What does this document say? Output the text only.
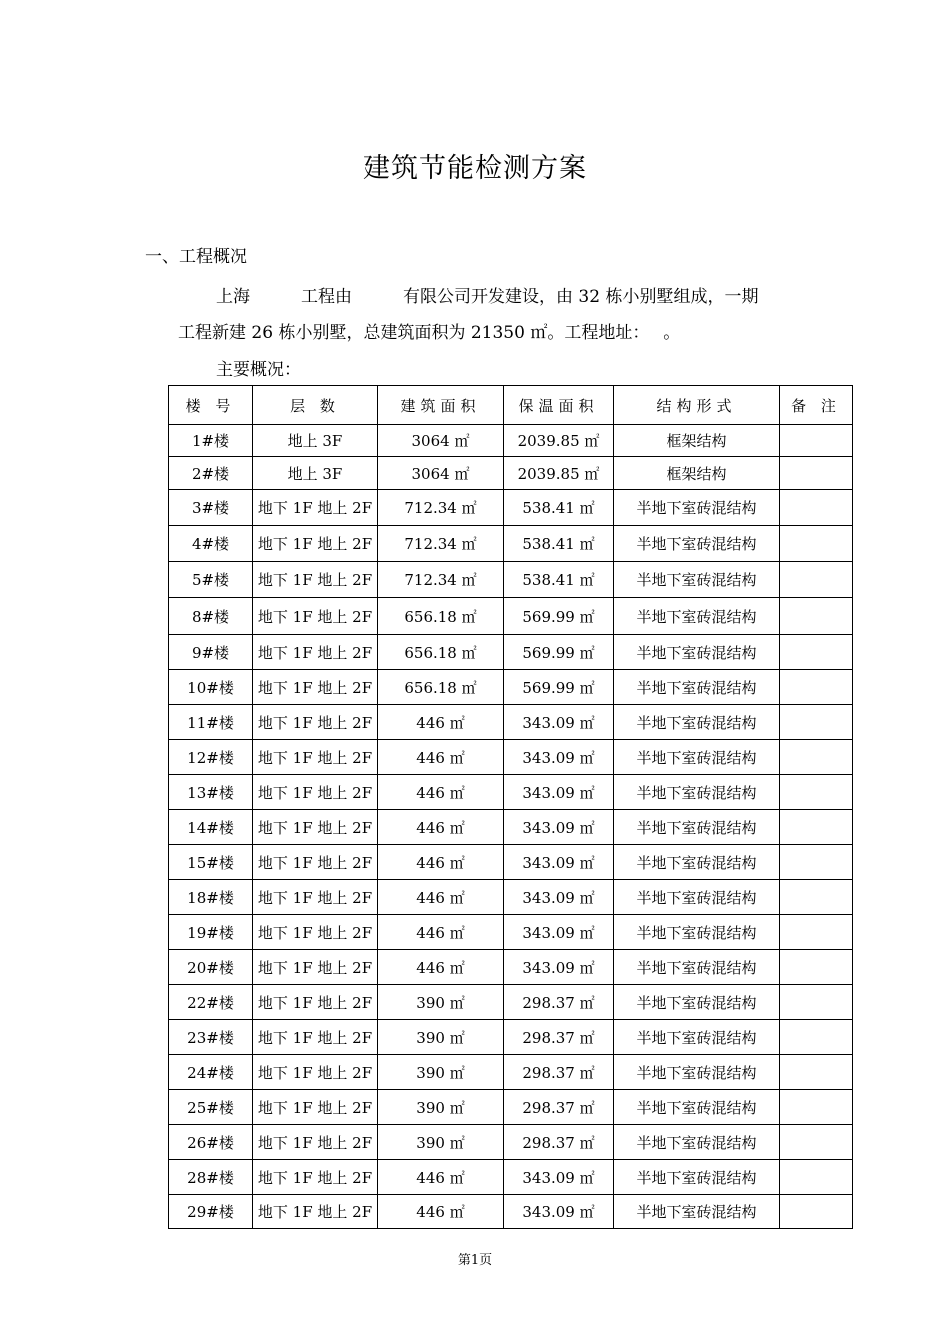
建筑节能检测方案
一、工程概况
上海　　　工程由　　　有限公司开发建设，由 32 栋小别墅组成，一期
工程新建 26 栋小别墅，总建筑面积为 21350 ㎡。工程地址：　 。
主要概况：
楼 号	层 数	建筑面积	保温面积	结构形式	备 注
1#楼	地上 3F	3064 ㎡	2039.85 ㎡	框架结构	
2#楼	地上 3F	3064 ㎡	2039.85 ㎡	框架结构	
3#楼	地下 1F 地上 2F	712.34 ㎡	538.41 ㎡	半地下室砖混结构	
4#楼	地下 1F 地上 2F	712.34 ㎡	538.41 ㎡	半地下室砖混结构	
5#楼	地下 1F 地上 2F	712.34 ㎡	538.41 ㎡	半地下室砖混结构	
8#楼	地下 1F 地上 2F	656.18 ㎡	569.99 ㎡	半地下室砖混结构	
9#楼	地下 1F 地上 2F	656.18 ㎡	569.99 ㎡	半地下室砖混结构	
10#楼	地下 1F 地上 2F	656.18 ㎡	569.99 ㎡	半地下室砖混结构	
11#楼	地下 1F 地上 2F	446 ㎡	343.09 ㎡	半地下室砖混结构	
12#楼	地下 1F 地上 2F	446 ㎡	343.09 ㎡	半地下室砖混结构	
13#楼	地下 1F 地上 2F	446 ㎡	343.09 ㎡	半地下室砖混结构	
14#楼	地下 1F 地上 2F	446 ㎡	343.09 ㎡	半地下室砖混结构	
15#楼	地下 1F 地上 2F	446 ㎡	343.09 ㎡	半地下室砖混结构	
18#楼	地下 1F 地上 2F	446 ㎡	343.09 ㎡	半地下室砖混结构	
19#楼	地下 1F 地上 2F	446 ㎡	343.09 ㎡	半地下室砖混结构	
20#楼	地下 1F 地上 2F	446 ㎡	343.09 ㎡	半地下室砖混结构	
22#楼	地下 1F 地上 2F	390 ㎡	298.37 ㎡	半地下室砖混结构	
23#楼	地下 1F 地上 2F	390 ㎡	298.37 ㎡	半地下室砖混结构	
24#楼	地下 1F 地上 2F	390 ㎡	298.37 ㎡	半地下室砖混结构	
25#楼	地下 1F 地上 2F	390 ㎡	298.37 ㎡	半地下室砖混结构	
26#楼	地下 1F 地上 2F	390 ㎡	298.37 ㎡	半地下室砖混结构	
28#楼	地下 1F 地上 2F	446 ㎡	343.09 ㎡	半地下室砖混结构	
29#楼	地下 1F 地上 2F	446 ㎡	343.09 ㎡	半地下室砖混结构	
第1页
